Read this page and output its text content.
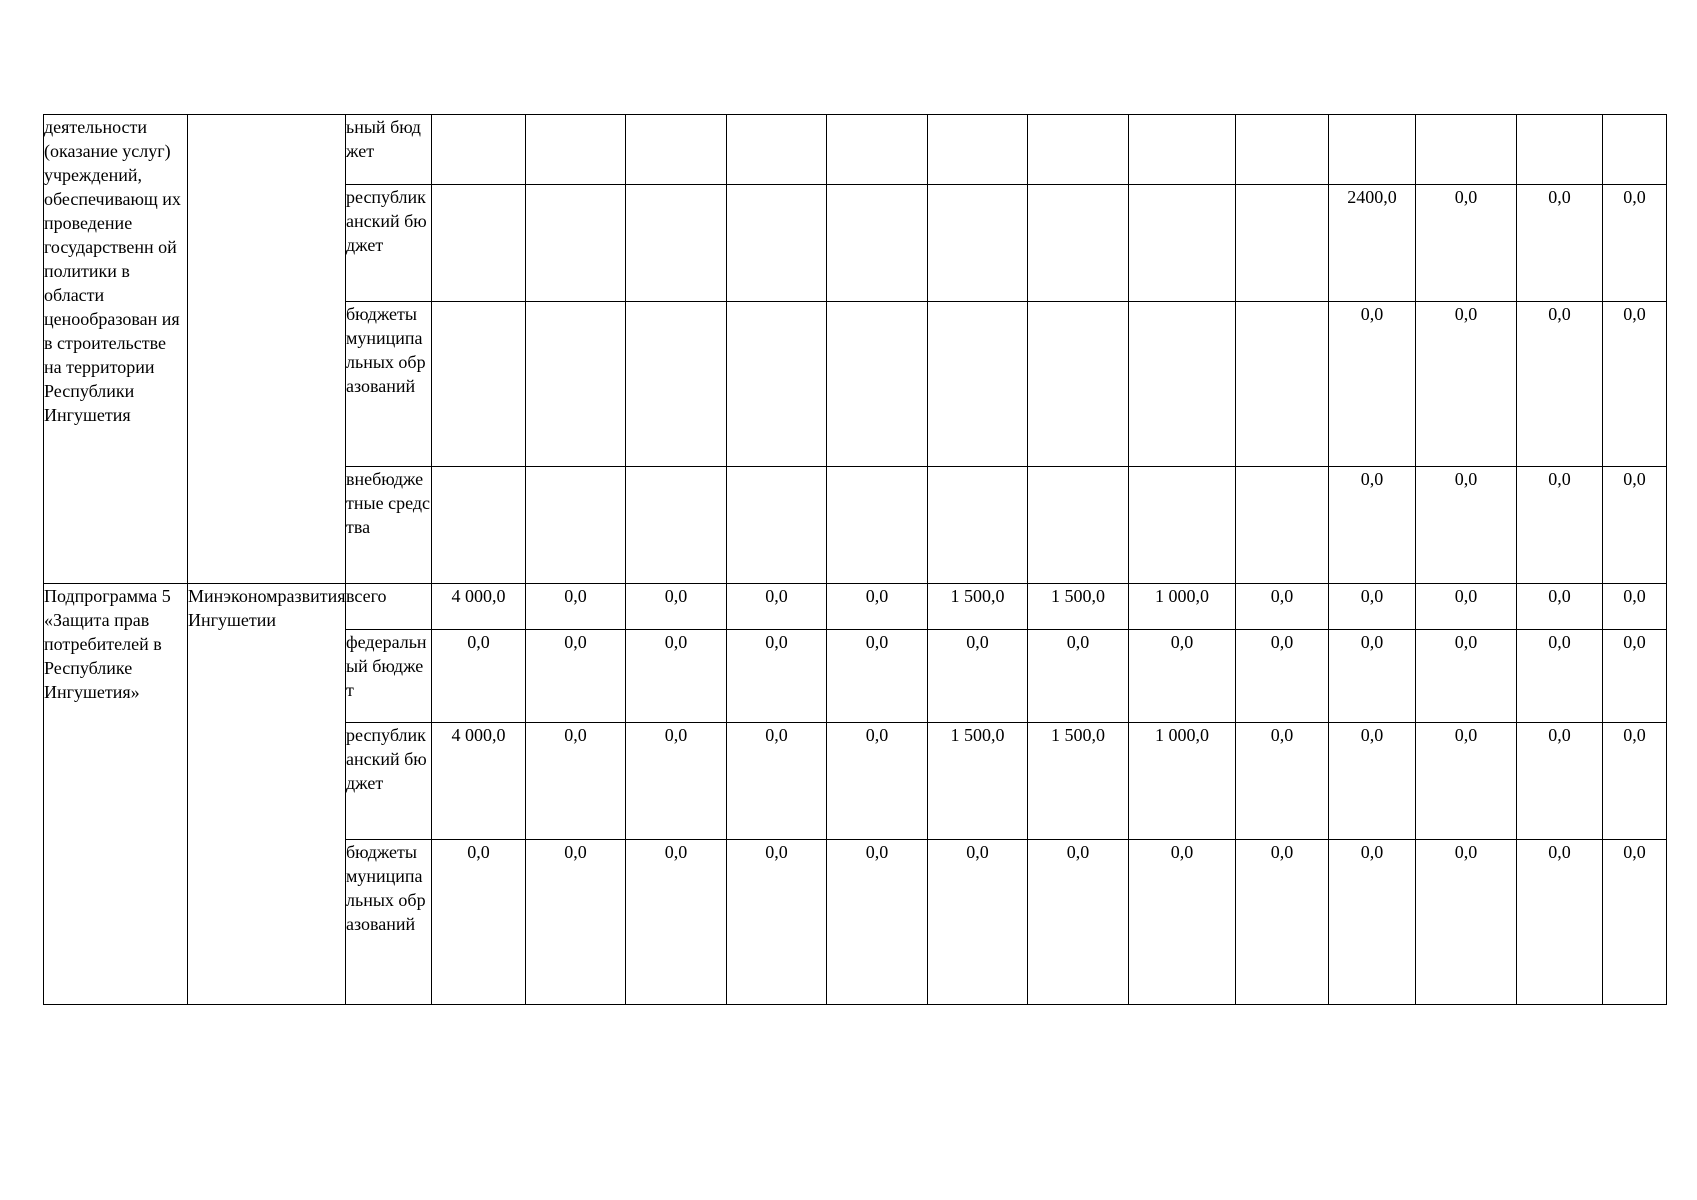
деятельности (оказание услуг) учреждений, обеспечивающ их проведение государственн ой политики в области ценообразован ия в строительстве на территории Республики Ингушетия		ьный бюджет													
		республиканский бюджет										2400,0	0,0	0,0	0,0
		бюджеты муниципальных образований										0,0	0,0	0,0	0,0
		внебюджетные средства										0,0	0,0	0,0	0,0
Подпрограмма 5 «Защита прав потребителей в Республике Ингушетия»	Минэкономразвития Ингушетии	всего	4 000,0	0,0	0,0	0,0	0,0	1 500,0	1 500,0	1 000,0	0,0	0,0	0,0	0,0	0,0
		федеральный бюджет	0,0	0,0	0,0	0,0	0,0	0,0	0,0	0,0	0,0	0,0	0,0	0,0	0,0
		республиканский бюджет	4 000,0	0,0	0,0	0,0	0,0	1 500,0	1 500,0	1 000,0	0,0	0,0	0,0	0,0	0,0
		бюджеты муниципальных образований	0,0	0,0	0,0	0,0	0,0	0,0	0,0	0,0	0,0	0,0	0,0	0,0	0,0
